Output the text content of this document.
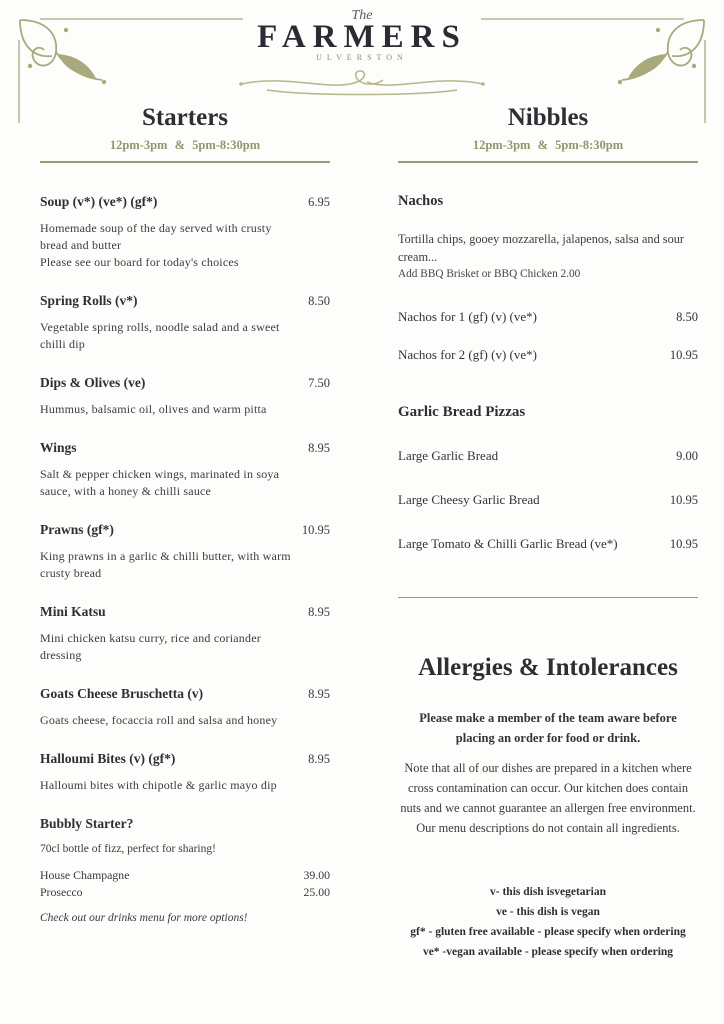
The
FARMERS
ULVERSTON
Starters
12pm-3pm & 5pm-8:30pm
Soup (v*) (ve*) (gf*)	6.95
Homemade soup of the day served with crusty bread and butter
Please see our board for today's choices
Spring Rolls (v*)	8.50
Vegetable spring rolls, noodle salad and a sweet chilli dip
Dips & Olives (ve)	7.50
Hummus, balsamic oil, olives and warm pitta
Wings	8.95
Salt & pepper chicken wings, marinated in soya sauce, with a honey & chilli sauce
Prawns (gf*)	10.95
King prawns in a garlic & chilli butter, with warm crusty bread
Mini Katsu	8.95
Mini chicken katsu curry, rice and coriander dressing
Goats Cheese Bruschetta (v)	8.95
Goats cheese, focaccia roll and salsa and honey
Halloumi Bites (v) (gf*)	8.95
Halloumi bites with chipotle & garlic mayo dip
Bubbly Starter?
70cl bottle of fizz, perfect for sharing!
House Champagne	39.00
Prosecco	25.00
Check out our drinks menu for more options!
Nibbles
12pm-3pm & 5pm-8:30pm
Nachos
Tortilla chips, gooey mozzarella, jalapenos, salsa and sour cream...
Add BBQ Brisket or BBQ Chicken 2.00
Nachos for 1 (gf) (v) (ve*)	8.50
Nachos for 2 (gf) (v) (ve*)	10.95
Garlic Bread Pizzas
Large Garlic Bread	9.00
Large Cheesy Garlic Bread	10.95
Large Tomato & Chilli Garlic Bread (ve*)	10.95
Allergies & Intolerances
Please make a member of the team aware before placing an order for food or drink.
Note that all of our dishes are prepared in a kitchen where cross contamination can occur. Our kitchen does contain nuts and we cannot guarantee an allergen free environment. Our menu descriptions do not contain all ingredients.
v- this dish isvegetarian
ve - this dish is vegan
gf* - gluten free available - please specify when ordering
ve* -vegan available - please specify when ordering
